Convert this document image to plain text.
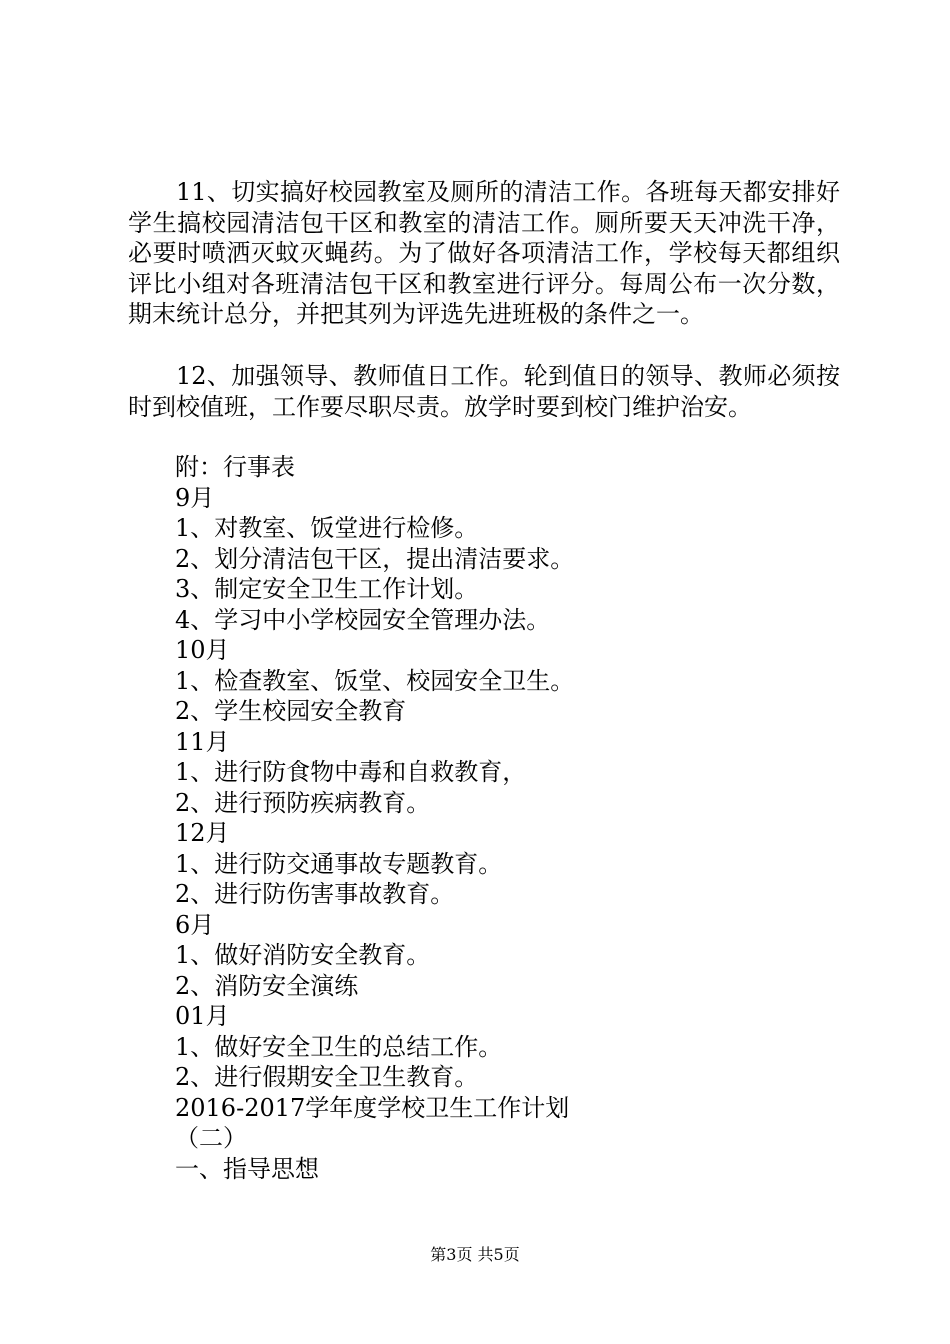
11、切实搞好校园教室及厕所的清洁工作。各班每天都安排好学生搞校园清洁包干区和教室的清洁工作。厕所要天天冲洗干净，必要时喷洒灭蚊灭蝇药。为了做好各项清洁工作，学校每天都组织评比小组对各班清洁包干区和教室进行评分。每周公布一次分数，期末统计总分，并把其列为评选先进班极的条件之一。

12、加强领导、教师值日工作。轮到值日的领导、教师必须按时到校值班，工作要尽职尽责。放学时要到校门维护治安。

附：行事表
9月
1、对教室、饭堂进行检修。
2、划分清洁包干区，提出清洁要求。
3、制定安全卫生工作计划。
4、学习中小学校园安全管理办法。
10月
1、检查教室、饭堂、校园安全卫生。
2、学生校园安全教育
11月
1、进行防食物中毒和自救教育，
2、进行预防疾病教育。
12月
1、进行防交通事故专题教育。
2、进行防伤害事故教育。
6月
1、做好消防安全教育。
2、消防安全演练
01月
1、做好安全卫生的总结工作。
2、进行假期安全卫生教育。
2016-2017学年度学校卫生工作计划
（二）
一、指导思想
第3页 共5页
